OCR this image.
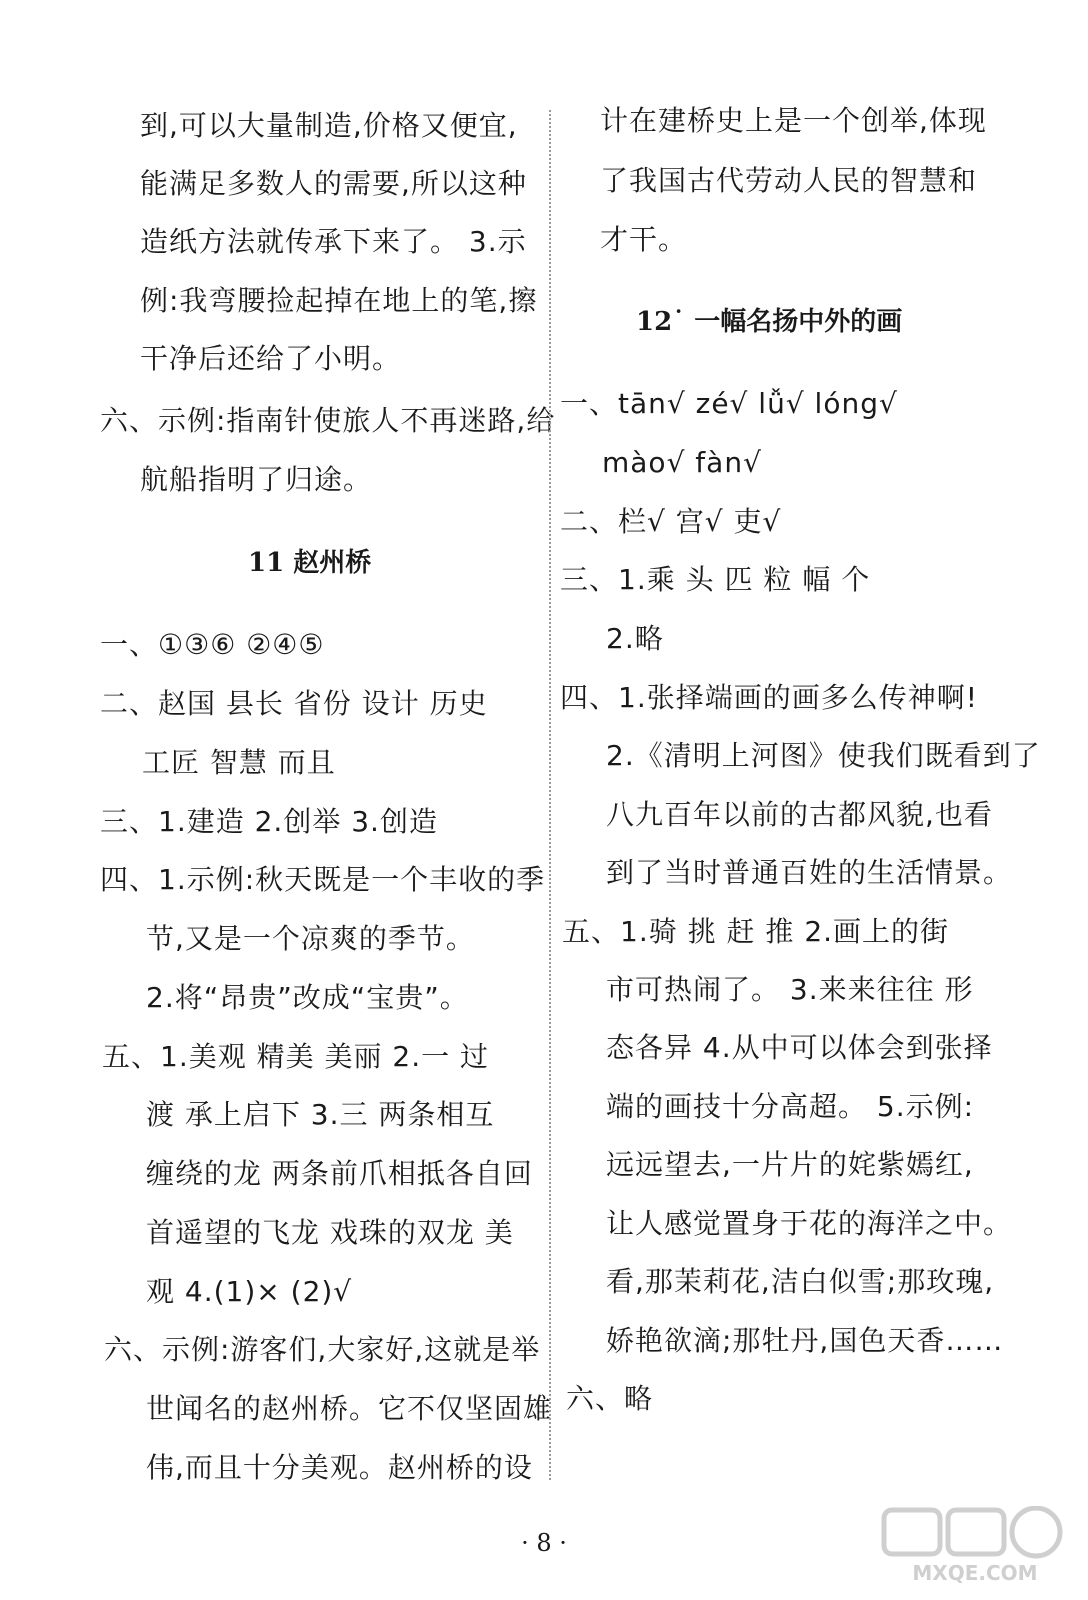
到,可以大量制造,价格又便宜,
能满足多数人的需要,所以这种
造纸方法就传承下来了。 3.示
例:我弯腰捡起掉在地上的笔,擦
干净后还给了小明。
六、示例:指南针使旅人不再迷路,给
航船指明了归途。
11 赵州桥
一、①③⑥ ②④⑤
二、赵国 县长 省份 设计 历史
工匠 智慧 而且
三、1.建造 2.创举 3.创造
四、1.示例:秋天既是一个丰收的季
节,又是一个凉爽的季节。
2.将“昂贵”改成“宝贵”。
五、1.美观 精美 美丽 2.一 过
渡 承上启下 3.三 两条相互
缠绕的龙 两条前爪相抵各自回
首遥望的飞龙 戏珠的双龙 美
观 4.(1)× (2)√
六、示例:游客们,大家好,这就是举
世闻名的赵州桥。它不仅坚固雄
伟,而且十分美观。赵州桥的设
计在建桥史上是一个创举,体现
了我国古代劳动人民的智慧和
才干。
12˙ 一幅名扬中外的画
一、tān√ zé√ lǚ√ lóng√
mào√ fàn√
二、栏√ 宫√ 吏√
三、1.乘 头 匹 粒 幅 个
2.略
四、1.张择端画的画多么传神啊!
2.《清明上河图》使我们既看到了
八九百年以前的古都风貌,也看
到了当时普通百姓的生活情景。
五、1.骑 挑 赶 推 2.画上的街
市可热闹了。 3.来来往往 形
态各异 4.从中可以体会到张择
端的画技十分高超。 5.示例:
远远望去,一片片的姹紫嫣红,
让人感觉置身于花的海洋之中。
看,那茉莉花,洁白似雪;那玫瑰,
娇艳欲滴;那牡丹,国色天香……
六、略
· 8 ·
MXQE.COM
